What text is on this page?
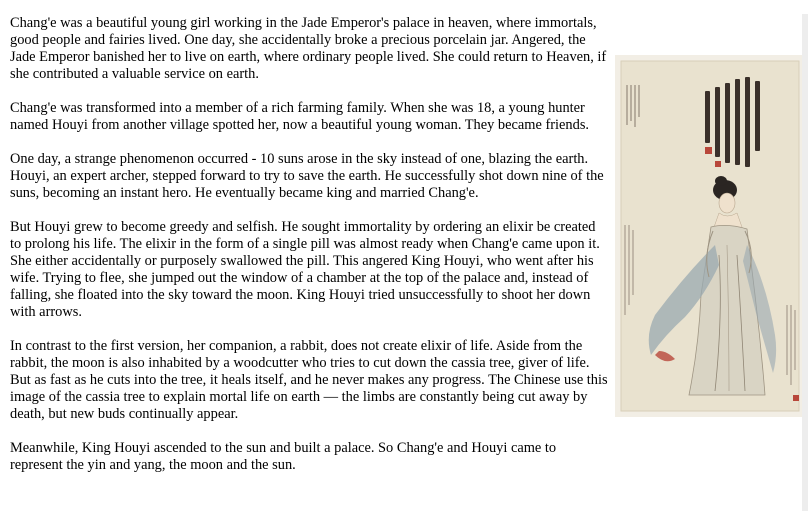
Chang'e was a beautiful young girl working in the Jade Emperor's palace in heaven, where immortals, good people and fairies lived. One day, she accidentally broke a precious porcelain jar. Angered, the Jade Emperor banished her to live on earth, where ordinary people lived. She could return to Heaven, if she contributed a valuable service on earth.

Chang'e was transformed into a member of a rich farming family. When she was 18, a young hunter named Houyi from another village spotted her, now a beautiful young woman. They became friends.

One day, a strange phenomenon occurred - 10 suns arose in the sky instead of one, blazing the earth. Houyi, an expert archer, stepped forward to try to save the earth. He successfully shot down nine of the suns, becoming an instant hero. He eventually became king and married Chang'e.

But Houyi grew to become greedy and selfish. He sought immortality by ordering an elixir be created to prolong his life. The elixir in the form of a single pill was almost ready when Chang'e came upon it. She either accidentally or purposely swallowed the pill. This angered King Houyi, who went after his wife. Trying to flee, she jumped out the window of a chamber at the top of the palace and, instead of falling, she floated into the sky toward the moon. King Houyi tried unsuccessfully to shoot her down with arrows.

In contrast to the first version, her companion, a rabbit, does not create elixir of life. Aside from the rabbit, the moon is also inhabited by a woodcutter who tries to cut down the cassia tree, giver of life. But as fast as he cuts into the tree, it heals itself, and he never makes any progress. The Chinese use this image of the cassia tree to explain mortal life on earth — the limbs are constantly being cut away by death, but new buds continually appear.

Meanwhile, King Houyi ascended to the sun and built a palace. So Chang'e and Houyi came to represent the yin and yang, the moon and the sun.
